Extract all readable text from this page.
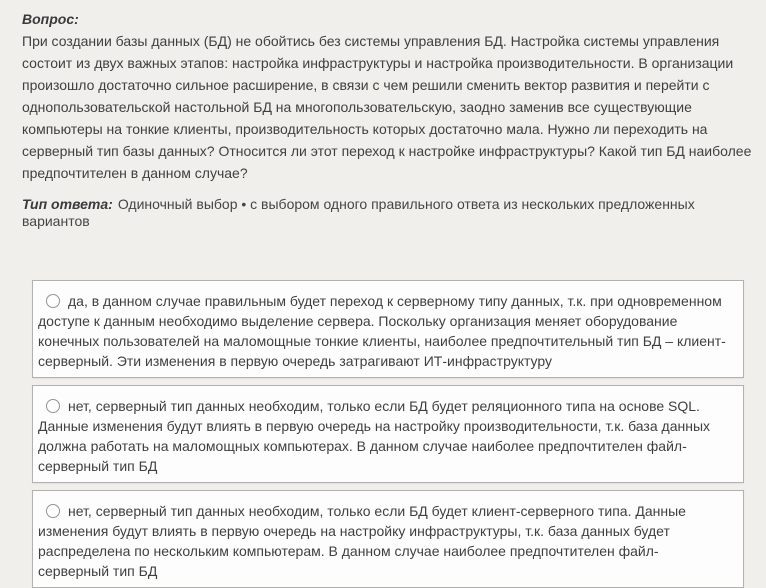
Вопрос:
При создании базы данных (БД) не обойтись без системы управления БД. Настройка системы управления состоит из двух важных этапов: настройка инфраструктуры и настройка производительности. В организации произошло достаточно сильное расширение, в связи с чем решили сменить вектор развития и перейти с однопользовательской настольной БД на многопользовательскую, заодно заменив все существующие компьютеры на тонкие клиенты, производительность которых достаточно мала. Нужно ли переходить на серверный тип базы данных? Относится ли этот переход к настройке инфраструктуры? Какой тип БД наиболее предпочтителен в данном случае?
Тип ответа: Одиночный выбор • с выбором одного правильного ответа из нескольких предложенных вариантов

да, в данном случае правильным будет переход к серверному типу данных, т.к. при одновременном доступе к данным необходимо выделение сервера. Поскольку организация меняет оборудование конечных пользователей на маломощные тонкие клиенты, наиболее предпочтительный тип БД – клиент-серверный. Эти изменения в первую очередь затрагивают ИТ-инфраструктуру

нет, серверный тип данных необходим, только если БД будет реляционного типа на основе SQL. Данные изменения будут влиять в первую очередь на настройку производительности, т.к. база данных должна работать на маломощных компьютерах. В данном случае наиболее предпочтителен файл-серверный тип БД

нет, серверный тип данных необходим, только если БД будет клиент-серверного типа. Данные изменения будут влиять в первую очередь на настройку инфраструктуры, т.к. база данных будет распределена по нескольким компьютерам. В данном случае наиболее предпочтителен файл-серверный тип БД
